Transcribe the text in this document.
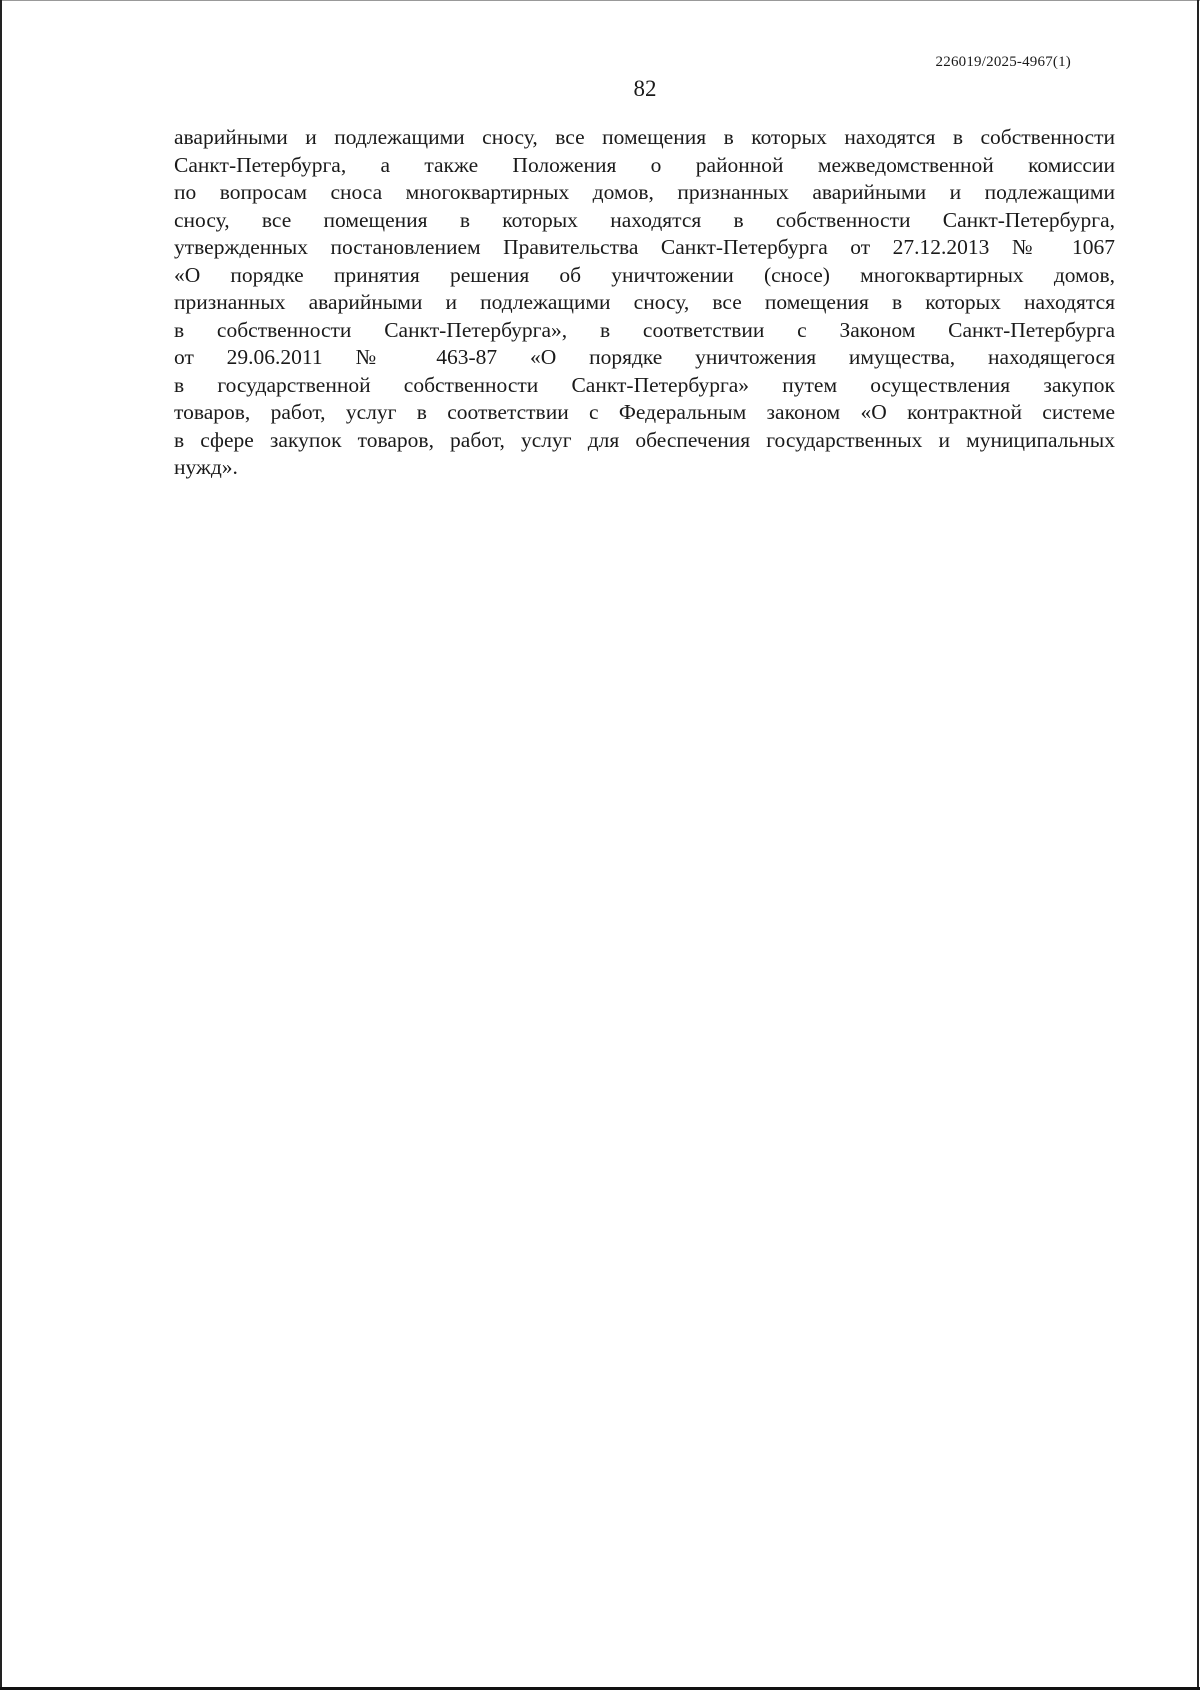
226019/2025-4967(1)
82
аварийными и подлежащими сносу, все помещения в которых находятся в собственности
Санкт-Петербурга, а также Положения о районной межведомственной комиссии
по вопросам сноса многоквартирных домов, признанных аварийными и подлежащими
сносу, все помещения в которых находятся в собственности Санкт-Петербурга,
утвержденных постановлением Правительства Санкт-Петербурга от 27.12.2013 № 1067
«О порядке принятия решения об уничтожении (сносе) многоквартирных домов,
признанных аварийными и подлежащими сносу, все помещения в которых находятся
в собственности Санкт-Петербурга», в соответствии с Законом Санкт-Петербурга
от 29.06.2011 № 463-87 «О порядке уничтожения имущества, находящегося
в государственной собственности Санкт-Петербурга» путем осуществления закупок
товаров, работ, услуг в соответствии с Федеральным законом «О контрактной системе
в сфере закупок товаров, работ, услуг для обеспечения государственных и муниципальных
нужд».
